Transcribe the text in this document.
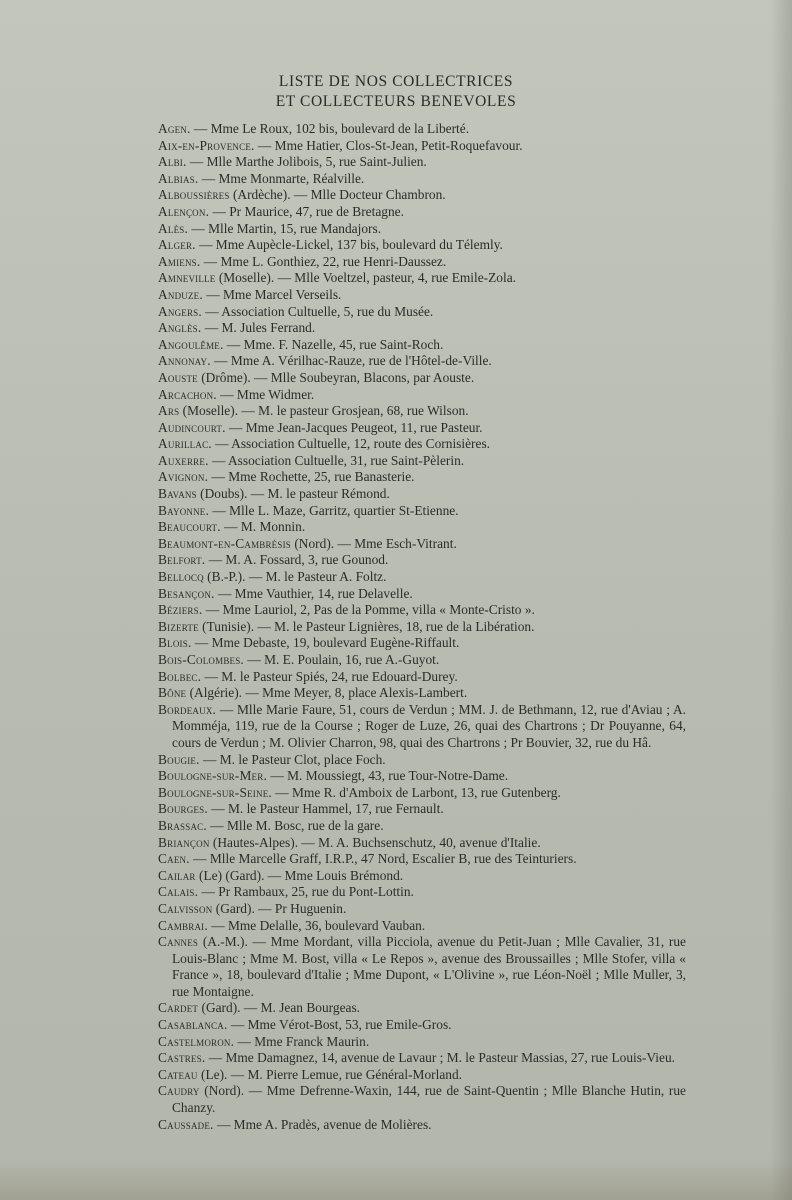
LISTE DE NOS COLLECTRICES
ET COLLECTEURS BENEVOLES
Agen. — Mme Le Roux, 102 bis, boulevard de la Liberté.
Aix-en-Provence. — Mme Hatier, Clos-St-Jean, Petit-Roquefavour.
Albi. — Mlle Marthe Jolibois, 5, rue Saint-Julien.
Albias. — Mme Monmarte, Réalville.
Alboussières (Ardèche). — Mlle Docteur Chambron.
Alençon. — Pr Maurice, 47, rue de Bretagne.
Alès. — Mlle Martin, 15, rue Mandajors.
Alger. — Mme Aupècle-Lickel, 137 bis, boulevard du Télemly.
Amiens. — Mme L. Gonthiez, 22, rue Henri-Daussez.
Amneville (Moselle). — Mlle Voeltzel, pasteur, 4, rue Emile-Zola.
Anduze. — Mme Marcel Verseils.
Angers. — Association Cultuelle, 5, rue du Musée.
Anglès. — M. Jules Ferrand.
Angoulême. — Mme. F. Nazelle, 45, rue Saint-Roch.
Annonay. — Mme A. Vérilhac-Rauze, rue de l'Hôtel-de-Ville.
Aouste (Drôme). — Mlle Soubeyran, Blacons, par Aouste.
Arcachon. — Mme Widmer.
Ars (Moselle). — M. le pasteur Grosjean, 68, rue Wilson.
Audincourt. — Mme Jean-Jacques Peugeot, 11, rue Pasteur.
Aurillac. — Association Cultuelle, 12, route des Cornisières.
Auxerre. — Association Cultuelle, 31, rue Saint-Pèlerin.
Avignon. — Mme Rochette, 25, rue Banasterie.
Bavans (Doubs). — M. le pasteur Rémond.
Bayonne. — Mlle L. Maze, Garritz, quartier St-Etienne.
Beaucourt. — M. Monnin.
Beaumont-en-Cambrésis (Nord). — Mme Esch-Vitrant.
Belfort. — M. A. Fossard, 3, rue Gounod.
Bellocq (B.-P.). — M. le Pasteur A. Foltz.
Besançon. — Mme Vauthier, 14, rue Delavelle.
Béziers. — Mme Lauriol, 2, Pas de la Pomme, villa « Monte-Cristo ».
Bizerte (Tunisie). — M. le Pasteur Lignières, 18, rue de la Libération.
Blois. — Mme Debaste, 19, boulevard Eugène-Riffault.
Bois-Colombes. — M. E. Poulain, 16, rue A.-Guyot.
Bolbec. — M. le Pasteur Spiés, 24, rue Edouard-Durey.
Bône (Algérie). — Mme Meyer, 8, place Alexis-Lambert.
Bordeaux. — Mlle Marie Faure, 51, cours de Verdun ; MM. J. de Bethmann, 12, rue d'Aviau ; A. Momméja, 119, rue de la Course ; Roger de Luze, 26, quai des Chartrons ; Dr Pouyanne, 64, cours de Verdun ; M. Olivier Charron, 98, quai des Chartrons ; Pr Bouvier, 32, rue du Hâ.
Bougie. — M. le Pasteur Clot, place Foch.
Boulogne-sur-Mer. — M. Moussiegt, 43, rue Tour-Notre-Dame.
Boulogne-sur-Seine. — Mme R. d'Amboix de Larbont, 13, rue Gutenberg.
Bourges. — M. le Pasteur Hammel, 17, rue Fernault.
Brassac. — Mlle M. Bosc, rue de la gare.
Briançon (Hautes-Alpes). — M. A. Buchsenschutz, 40, avenue d'Italie.
Caen. — Mlle Marcelle Graff, I.R.P., 47 Nord, Escalier B, rue des Teinturiers.
Cailar (Le) (Gard). — Mme Louis Brémond.
Calais. — Pr Rambaux, 25, rue du Pont-Lottin.
Calvisson (Gard). — Pr Huguenin.
Cambrai. — Mme Delalle, 36, boulevard Vauban.
Cannes (A.-M.). — Mme Mordant, villa Picciola, avenue du Petit-Juan ; Mlle Cavalier, 31, rue Louis-Blanc ; Mme M. Bost, villa « Le Repos », avenue des Broussailles ; Mlle Stofer, villa « France », 18, boulevard d'Italie ; Mme Dupont, « L'Olivine », rue Léon-Noël ; Mlle Muller, 3, rue Montaigne.
Cardet (Gard). — M. Jean Bourgeas.
Casablanca. — Mme Vérot-Bost, 53, rue Emile-Gros.
Castelmoron. — Mme Franck Maurin.
Castres. — Mme Damagnez, 14, avenue de Lavaur ; M. le Pasteur Massias, 27, rue Louis-Vieu.
Cateau (Le). — M. Pierre Lemue, rue Général-Morland.
Caudry (Nord). — Mme Defrenne-Waxin, 144, rue de Saint-Quentin ; Mlle Blanche Hutin, rue Chanzy.
Caussade. — Mme A. Pradès, avenue de Molières.
